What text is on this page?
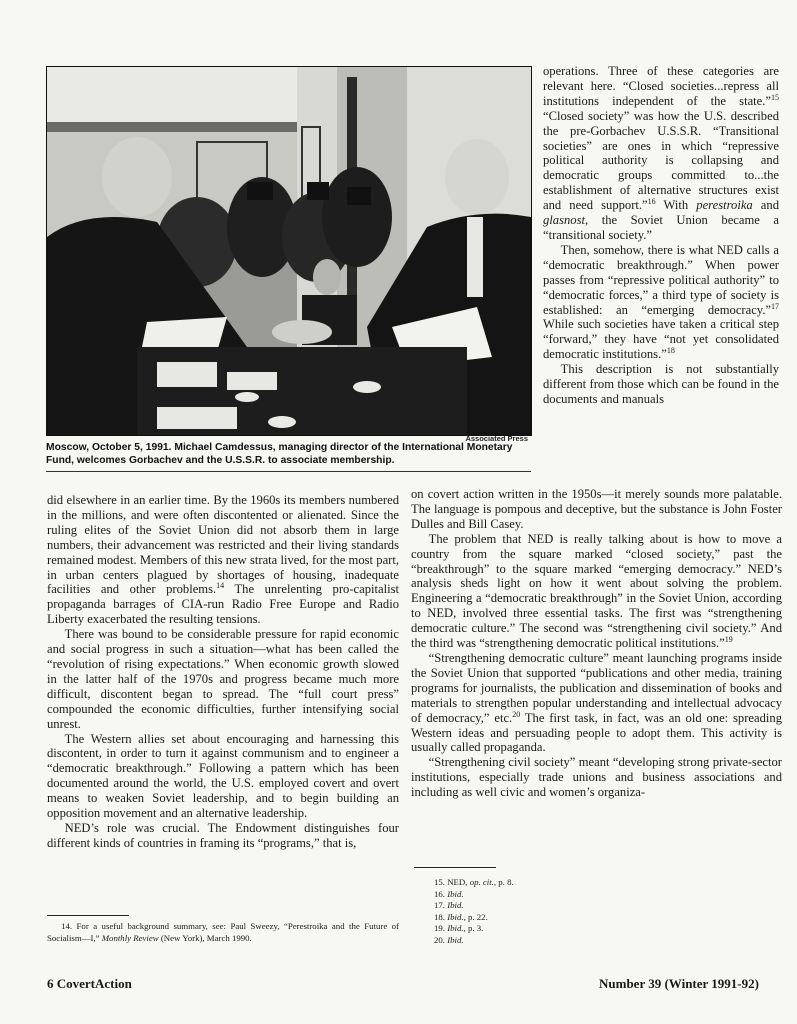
Associated Press
Moscow, October 5, 1991. Michael Camdessus, managing director of the International Monetary Fund, welcomes Gorbachev and the U.S.S.R. to associate membership.

operations. Three of these categories are relevant here. “Closed societies...repress all institutions independent of the state.”$^{15}$ “Closed society” was how the U.S. described the pre-Gorbachev U.S.S.R. “Transitional societies” are ones in which “repressive political authority is collapsing and democratic groups committed to...the establishment of alternative structures exist and need support.”$^{16}$ With perestroika and glasnost, the Soviet Union became a “transitional society.”

Then, somehow, there is what NED calls a “democratic breakthrough.” When power passes from “repressive political authority” to “democratic forces,” a third type of society is established: an “emerging democracy.”$^{17}$ While such societies have taken a critical step “forward,” they have “not yet consolidated democratic institutions.”$^{18}$

This description is not substantially different from those which can be found in the documents and manuals

did elsewhere in an earlier time. By the 1960s its members numbered in the millions, and were often discontented or alienated. Since the ruling elites of the Soviet Union did not absorb them in large numbers, their advancement was restricted and their living standards remained modest. Members of this new strata lived, for the most part, in urban centers plagued by shortages of housing, inadequate facilities and other problems.$^{14}$ The unrelenting pro-capitalist propaganda barrages of CIA-run Radio Free Europe and Radio Liberty exacerbated the resulting tensions.

There was bound to be considerable pressure for rapid economic and social progress in such a situation—what has been called the “revolution of rising expectations.” When economic growth slowed in the latter half of the 1970s and progress became much more difficult, discontent began to spread. The “full court press” compounded the economic difficulties, further intensifying social unrest.

The Western allies set about encouraging and harnessing this discontent, in order to turn it against communism and to engineer a “democratic breakthrough.” Following a pattern which has been documented around the world, the U.S. employed covert and overt means to weaken Soviet leadership, and to begin building an opposition movement and an alternative leadership.

NED’s role was crucial. The Endowment distinguishes four different kinds of countries in framing its “programs,” that is,

on covert action written in the 1950s—it merely sounds more palatable. The language is pompous and deceptive, but the substance is John Foster Dulles and Bill Casey.

The problem that NED is really talking about is how to move a country from the square marked “closed society,” past the “breakthrough” to the square marked “emerging democracy.” NED’s analysis sheds light on how it went about solving the problem. Engineering a “democratic breakthrough” in the Soviet Union, according to NED, involved three essential tasks. The first was “strengthening democratic culture.” The second was “strengthening civil society.” And the third was “strengthening democratic political institutions.”$^{19}$

“Strengthening democratic culture” meant launching programs inside the Soviet Union that supported “publications and other media, training programs for journalists, the publication and dissemination of books and materials to strengthen popular understanding and intellectual advocacy of democracy,” etc.$^{20}$ The first task, in fact, was an old one: spreading Western ideas and persuading people to adopt them. This activity is usually called propaganda.

“Strengthening civil society” meant “developing strong private-sector institutions, especially trade unions and business associations and including as well civic and women’s organiza-

14. For a useful background summary, see: Paul Sweezy, “Perestroika and the Future of Socialism—I,” Monthly Review (New York), March 1990.

15. NED, op. cit., p. 8.

16. Ibid.

17. Ibid.

18. Ibid., p. 22.

19. Ibid., p. 3.

20. Ibid.

6 CovertAction	Number 39 (Winter 1991-92)
